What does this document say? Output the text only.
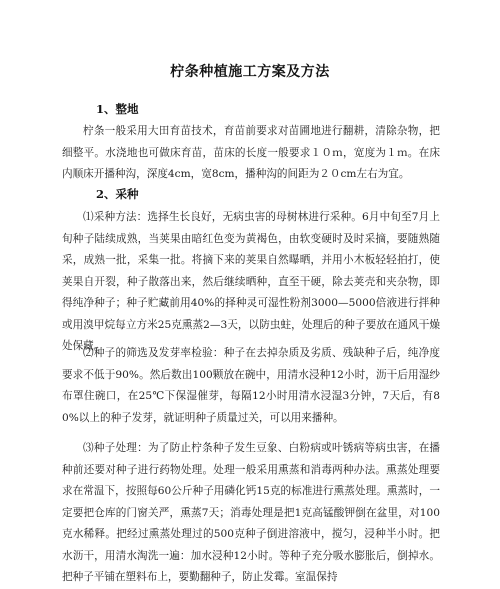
柠条种植施工方案及方法
1、整地
柠条一般采用大田育苗技术，育苗前要求对苗圃地进行翻耕，清除杂物，把细整平。水浇地也可做床育苗，苗床的长度一般要求１０ｍ，宽度为１ｍ。在床内顺床开播种沟，深度4cm，宽8cm，播种沟的间距为２０cm左右为宜。
2、采种
⑴采种方法：选择生长良好，无病虫害的母树林进行采种。6月中旬至7月上旬种子陆续成熟，当荚果由暗红色变为黄褐色，由软变硬时及时采摘，要随熟随采，成熟一批，采集一批。将摘下来的荚果自然曝晒，并用小木板轻轻拍打，使荚果自开裂，种子散落出来，然后继续晒种，直至干硬，除去荚壳和夹杂物，即得纯净种子；种子贮藏前用40%的择种灵可湿性粉剂3000—5000倍液进行拌种或用溴甲烷每立方米25克熏蒸2—3天，以防虫蛀，处理后的种子要放在通风干燥处保藏。
⑵种子的筛选及发芽率检验：种子在去掉杂质及劣质、残缺种子后，纯净度要求不低于90%。然后数出100颗放在碗中，用清水浸种12小时，沥干后用湿纱布罩住碗口，在25℃下保湿催芽，每隔12小时用清水浸湿3分钟，7天后，有80%以上的种子发芽，就证明种子质量过关，可以用来播种。
⑶种子处理：为了防止柠条种子发生豆象、白粉病或叶锈病等病虫害，在播种前还要对种子进行药物处理。处理一般采用熏蒸和消毒两种办法。熏蒸处理要求在常温下，按照每60公斤种子用磷化钙15克的标准进行熏蒸处理。熏蒸时，一定要把仓库的门窗关严，熏蒸7天；消毒处理是把1克高锰酸钾倒在盆里，对100克水稀释。把经过熏蒸处理过的500克种子倒进溶液中，搅匀，浸种半小时。把水沥干，用清水淘洗一遍：加水浸种12小时。等种子充分吸水膨胀后，倒掉水。把种子平铺在塑料布上，要勤翻种子，防止发霉。室温保持
